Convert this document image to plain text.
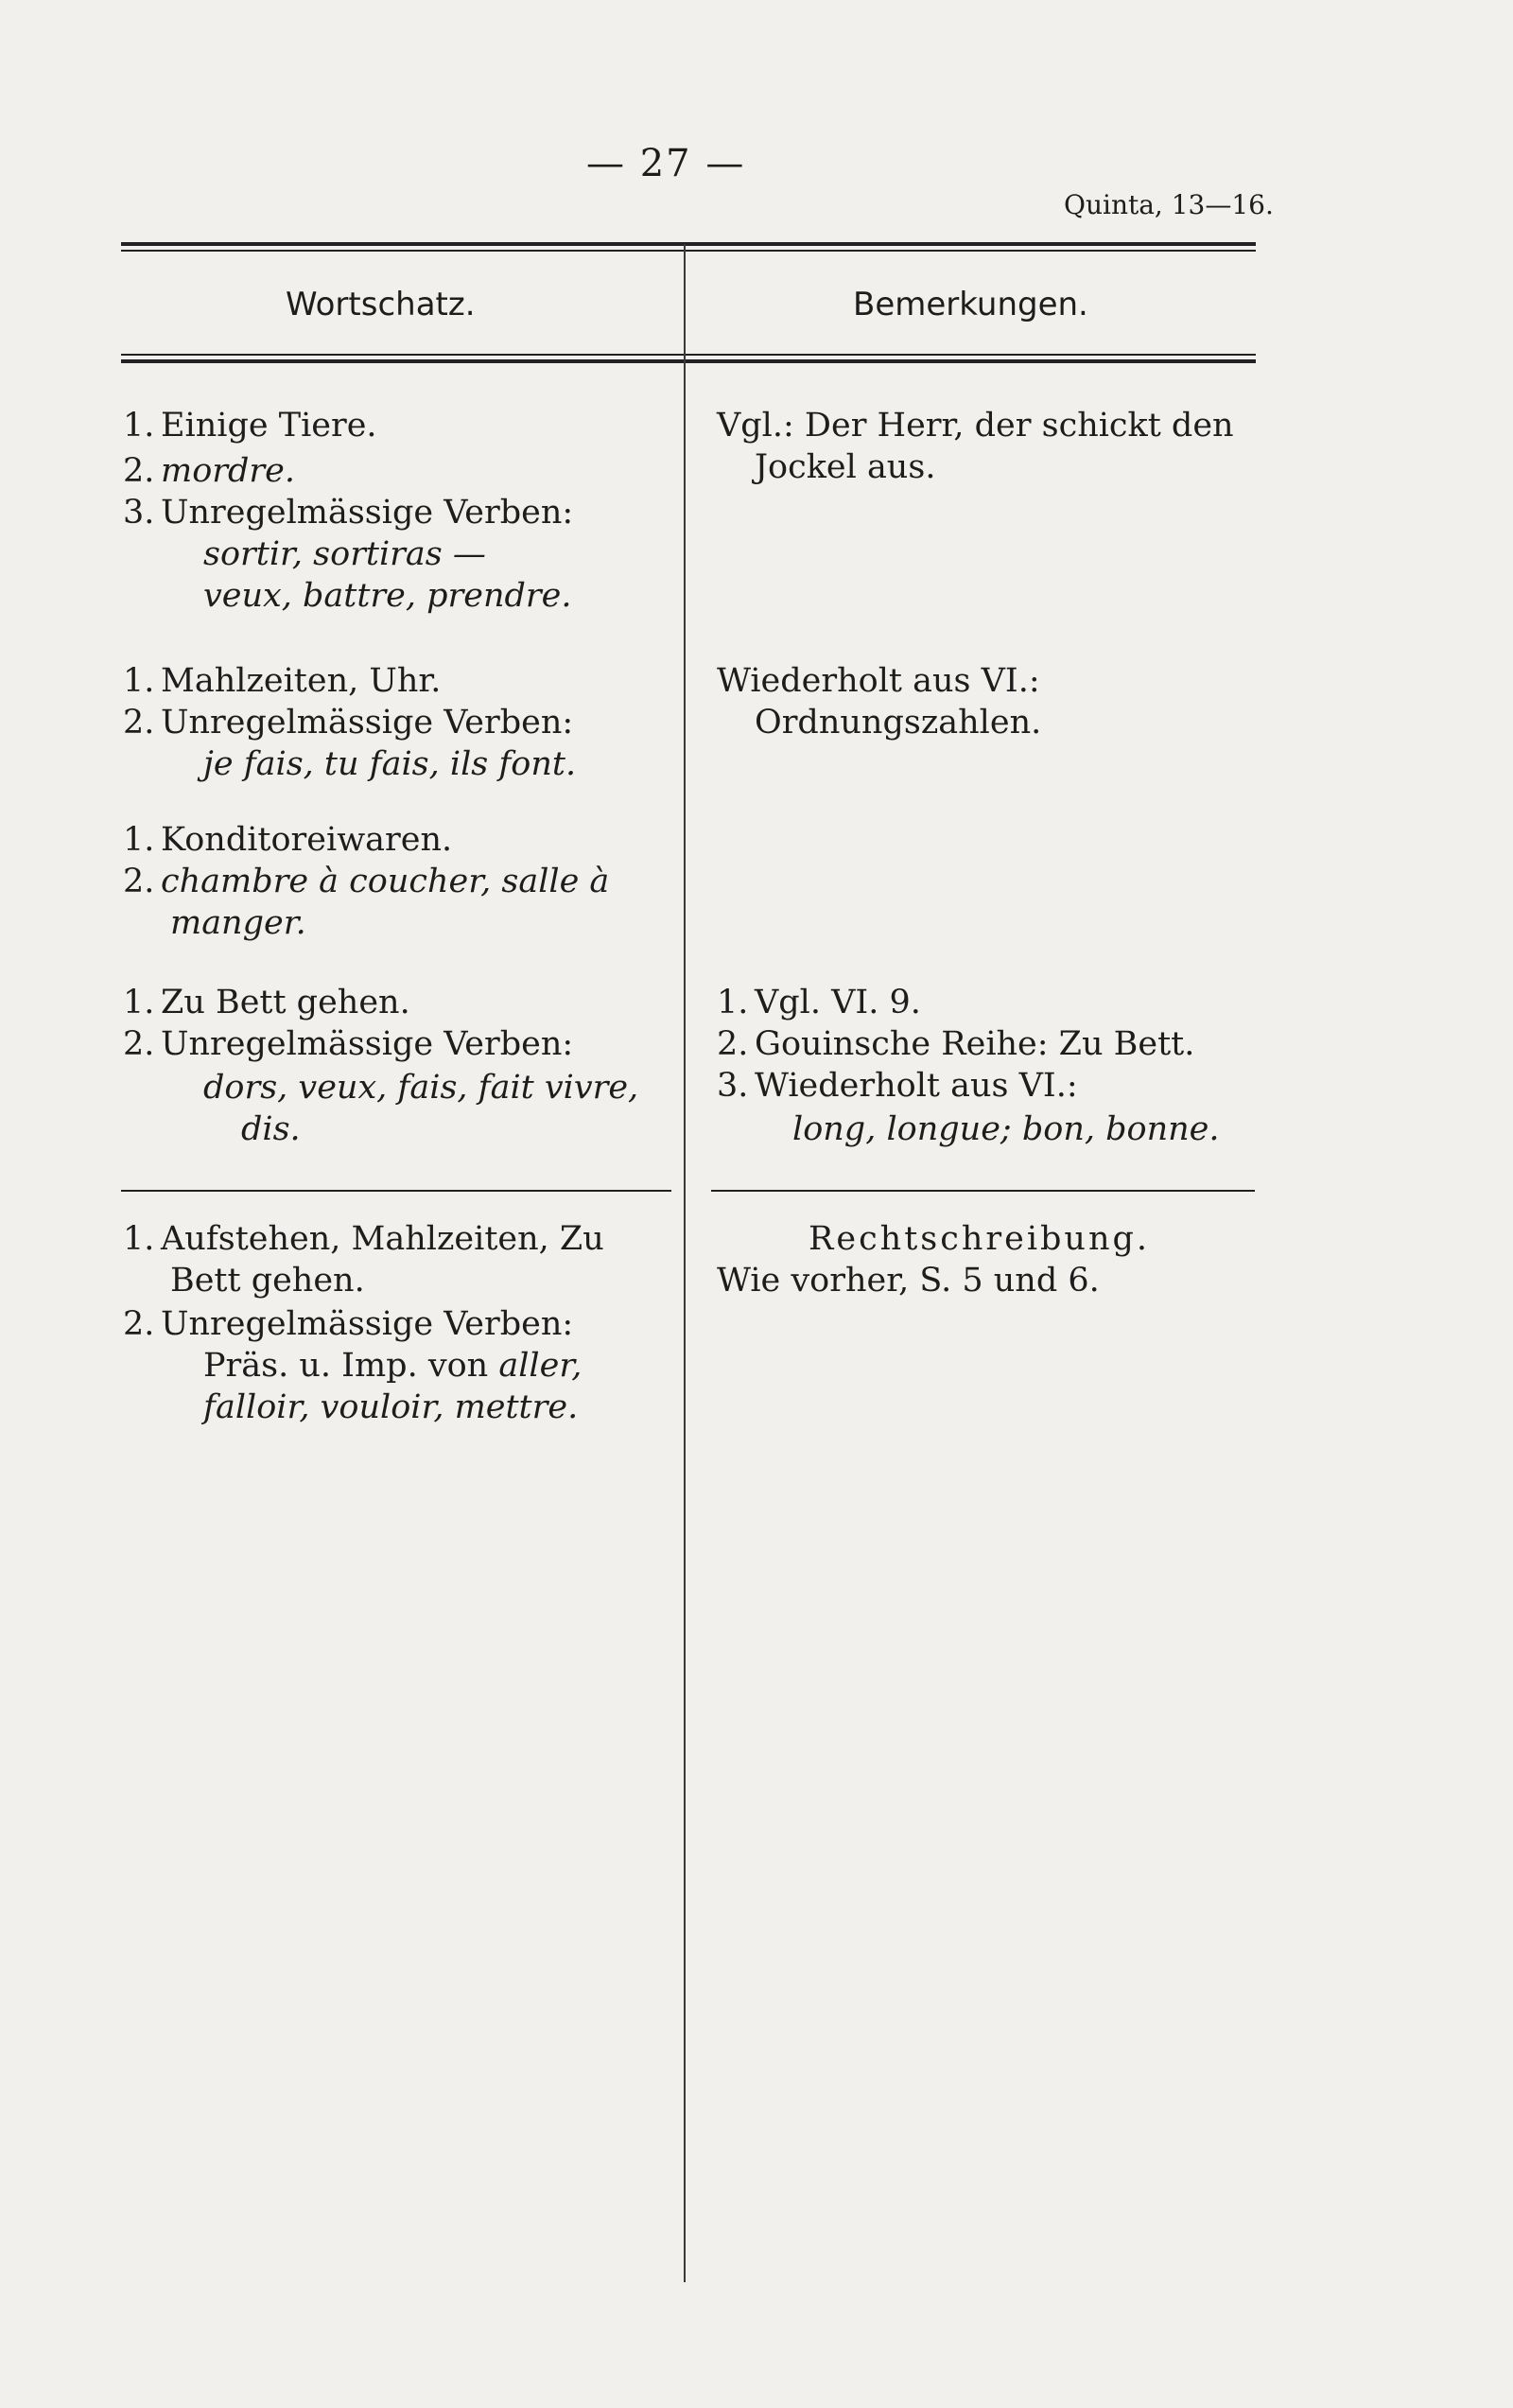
— 27 —
Quinta, 13—16.
Wortschatz.	Bemerkungen.
1. Einige Tiere.
2. mordre.
3. Unregelmässige Verben:
sortir, sortiras —
veux, battre, prendre.
Vgl.: Der Herr, der schickt den
Jockel aus.
1. Mahlzeiten, Uhr.
2. Unregelmässige Verben:
je fais, tu fais, ils font.
Wiederholt aus VI.:
Ordnungszahlen.
1. Konditoreiwaren.
2. chambre à coucher, salle à
manger.
1. Zu Bett gehen.
2. Unregelmässige Verben:
dors, veux, fais, fait vivre,
dis.
1. Vgl. VI. 9.
2. Gouinsche Reihe: Zu Bett.
3. Wiederholt aus VI.:
long, longue; bon, bonne.
1. Aufstehen, Mahlzeiten, Zu
Bett gehen.
2. Unregelmässige Verben:
Präs. u. Imp. von aller,
falloir, vouloir, mettre.
Rechtschreibung.
Wie vorher, S. 5 und 6.
